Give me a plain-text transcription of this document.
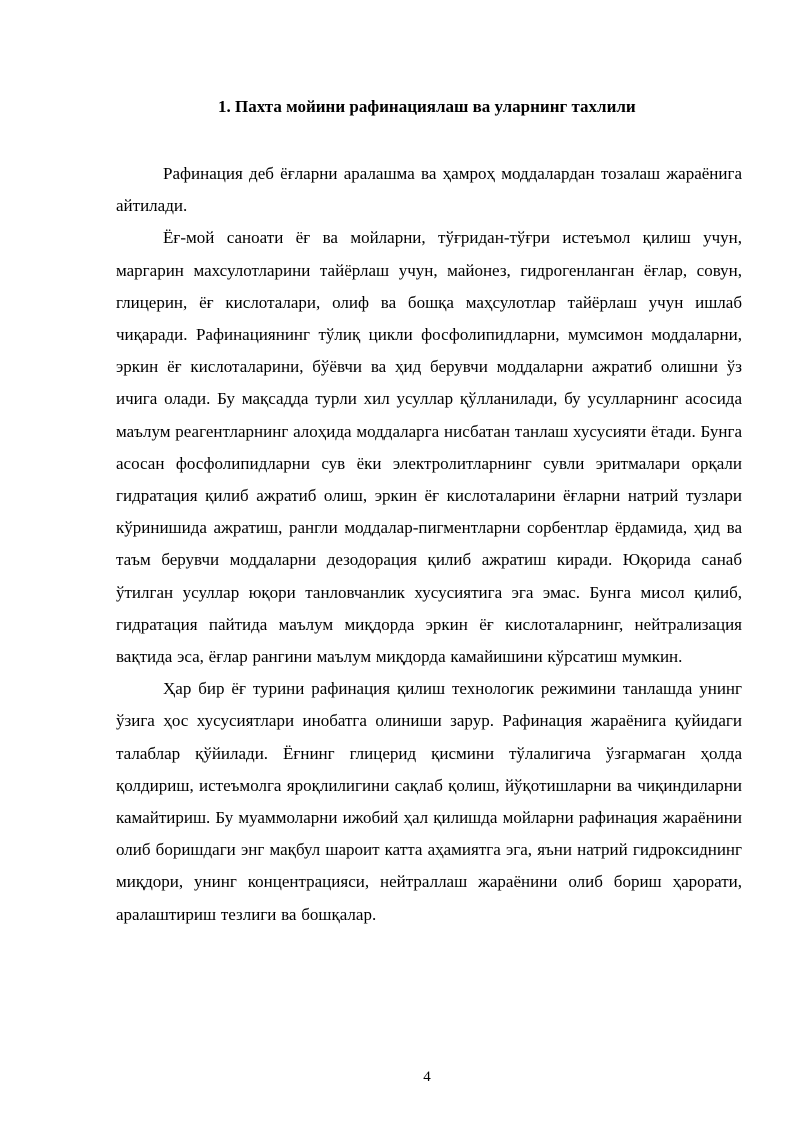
1. Пахта мойини рафинациялаш ва уларнинг тахлили

Рафинация деб ёғларни аралашма ва ҳамроҳ моддалардан тозалаш жараёнига айтилади.

Ёғ-мой саноати ёғ ва мойларни, тўғридан-тўғри истеъмол қилиш учун, маргарин махсулотларини тайёрлаш учун, майонез, гидрогенланган ёғлар, совун, глицерин, ёғ кислоталари, олиф ва бошқа маҳсулотлар тайёрлаш учун ишлаб чиқаради. Рафинациянинг тўлиқ цикли фосфолипидларни, мумсимон моддаларни, эркин ёғ кислоталарини, бўёвчи ва ҳид берувчи моддаларни ажратиб олишни ўз ичига олади. Бу мақсадда турли хил усуллар қўлланилади, бу усулларнинг асосида маълум реагентларнинг алоҳида моддаларга нисбатан танлаш хусусияти ётади. Бунга асосан фосфолипидларни сув ёки электролитларнинг сувли эритмалари орқали гидратация қилиб ажратиб олиш, эркин ёғ кислоталарини ёғларни натрий тузлари кўринишида ажратиш, рангли моддалар-пигментларни сорбентлар ёрдамида, ҳид ва таъм берувчи моддаларни дезодорация қилиб ажратиш киради. Юқорида санаб ўтилган усуллар юқори танловчанлик хусусиятига эга эмас. Бунга мисол қилиб, гидратация пайтида маълум миқдорда эркин ёғ кислоталарнинг, нейтрализация вақтида эса, ёғлар рангини маълум миқдорда камайишини кўрсатиш мумкин.

Ҳар бир ёғ турини рафинация қилиш технологик режимини танлашда унинг ўзига ҳос хусусиятлари инобатга олиниши зарур. Рафинация жараёнига қуйидаги талаблар қўйилади. Ёғнинг глицерид қисмини тўлалигича ўзгармаган ҳолда қолдириш, истеъмолга яроқлилигини сақлаб қолиш, йўқотишларни ва чиқиндиларни камайтириш. Бу муаммоларни ижобий ҳал қилишда мойларни рафинация жараёнини олиб боришдаги энг мақбул шароит катта аҳамиятга эга, яъни натрий гидроксиднинг миқдори, унинг концентрацияси, нейтраллаш жараёнини олиб бориш ҳарорати, аралаштириш тезлиги ва бошқалар.

4
